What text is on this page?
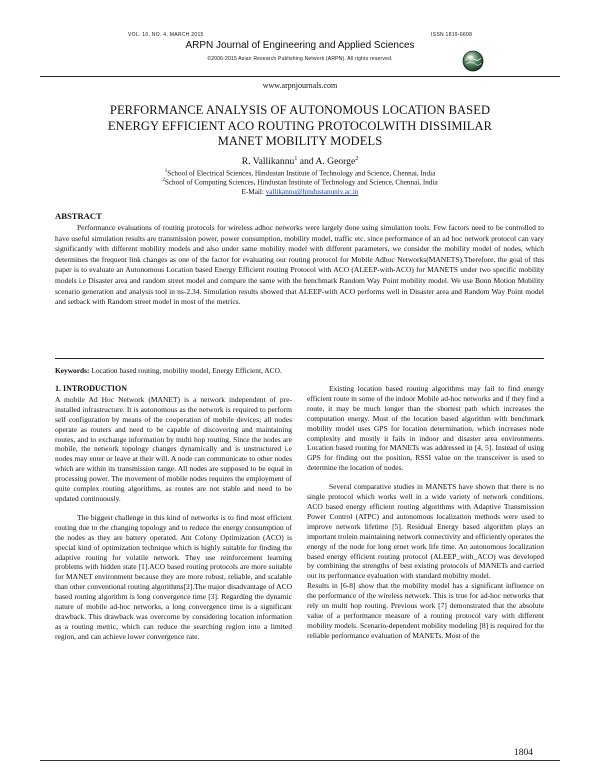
VOL. 10, NO. 4, MARCH 2015	ISSN 1819-6608
ARPN Journal of Engineering and Applied Sciences
©2006-2015 Asian Research Publishing Network (ARPN). All rights reserved.
www.arpnjournals.com
PERFORMANCE ANALYSIS OF AUTONOMOUS LOCATION BASED
ENERGY EFFICIENT ACO ROUTING PROTOCOLWITH DISSIMILAR
MANET MOBILITY MODELS
R. Vallikannu$^1$ and A. George$^2$
$^1$School of Electrical Sciences, Hindustan Institute of Technology and Science, Chennai, India
$^2$School of Computing Sciences, Hindustan Institute of Technology and Science, Chennai, India
E-Mail: vallikannu@hindustanuniv.ac.in
ABSTRACT

Performance evaluations of routing protocols for wireless adhoc networks were largely done using simulation tools. Few factors need to be controlled to have useful simulation results are transmission power, power consumption, mobility model, traffic etc. since performance of an ad hoc network protocol can vary significantly with different mobility models and also under same mobility model with different parameters, we consider the mobility model of nodes, which determines the frequent link changes as one of the factor for evaluating our routing protocol for Mobile Adhoc Networks(MANETS).Therefore, the goal of this paper is to evaluate an Autonomous Location based Energy Efficient routing Protocol with ACO (ALEEP-with-ACO) for MANETS under two specific mobility models i.e Disaster area and random street model and compare the same with the benchmark Random Way Point mobility model. We use Bonn Motion Mobility scenario generation and analysis tool in ns-2.34. Simulation results showed that ALEEP-with ACO performs well in Disaster area and Random Way Point model and setback with Random street model in most of the metrics.

Keywords: Location based routing, mobility model, Energy Efficient, ACO.
1. INTRODUCTION

A mobile Ad Hoc Network (MANET) is a network independent of pre-installed infrastructure. It is autonomous as the network is required to perform self configuration by means of the cooperation of mobile devices; all nodes operate as routers and need to be capable of discovering and maintaining routes, and to exchange information by multi hop routing. Since the nodes are mobile, the network topology changes dynamically and is unstructured i.e nodes may enter or leave at their will. A node can communicate to other nodes which are within its transmission range. All nodes are supposed to be equal in processing power. The movement of mobile nodes requires the employment of quite complex routing algorithms, as routes are not stable and need to be updated continuously.

The biggest challenge in this kind of networks is to find most efficient routing due to the changing topology and to reduce the energy consumption of the nodes as they are battery operated. Ant Colony Optimization (ACO) is special kind of optimization technique which is highly suitable for finding the adaptive routing for volatile network. They use reinforcement learning problems with hidden state [1].ACO based routing protocols are more suitable for MANET environment because they are more robust, reliable, and scalable than other conventional routing algorithms[2].The major disadvantage of ACO based routing algorithm is long convergence time [3]. Regarding the dynamic nature of mobile ad-hoc networks, a long convergence time is a significant drawback. This drawback was overcome by considering location information as a routing metric, which can reduce the searching region into a limited region, and can achieve lower convergence rate.

Existing location based routing algorithms may fail to find energy efficient route in some of the indoor Mobile ad-hoc networks and if they find a route, it may be much longer than the shortest path which increases the computation energy. Most of the location based algorithm with benchmark mobility model uses GPS for location determination, which increases node complexity and mostly it fails in indoor and disaster area environments. Location based routing for MANETs was addressed in [4, 5]. Instead of using GPS for finding out the position, RSSI value on the transceiver is used to determine the location of nodes.

Several comparative studies in MANETS have shown that there is no single protocol which works well in a wide variety of network conditions. ACO based energy efficient routing algorithms with Adaptive Transmission Power Control (ATPC) and autonomous localization methods were used to improve network lifetime [5]. Residual Energy based algorithm plays an important trolein maintaining network connectivity and efficiently operates the energy of the node for long ernet work life time. An autonomous localization based energy efficient routing protocol (ALEEP_with_ACO) was developed by combining the strengths of best existing protocols of MANETs and carried out its performance evaluation with standard mobility model.

Results in [6-8] show that the mobility model has a significant influence on the performance of the wireless network. This is true for ad-hoc networks that rely on multi hop routing. Previous work [7] demonstrated that the absolute value of a performance measure of a routing protocol vary with different mobility models. Scenario-dependent mobility modeling [8] is required for the reliable performance evaluation of MANETs. Most of the

1804
